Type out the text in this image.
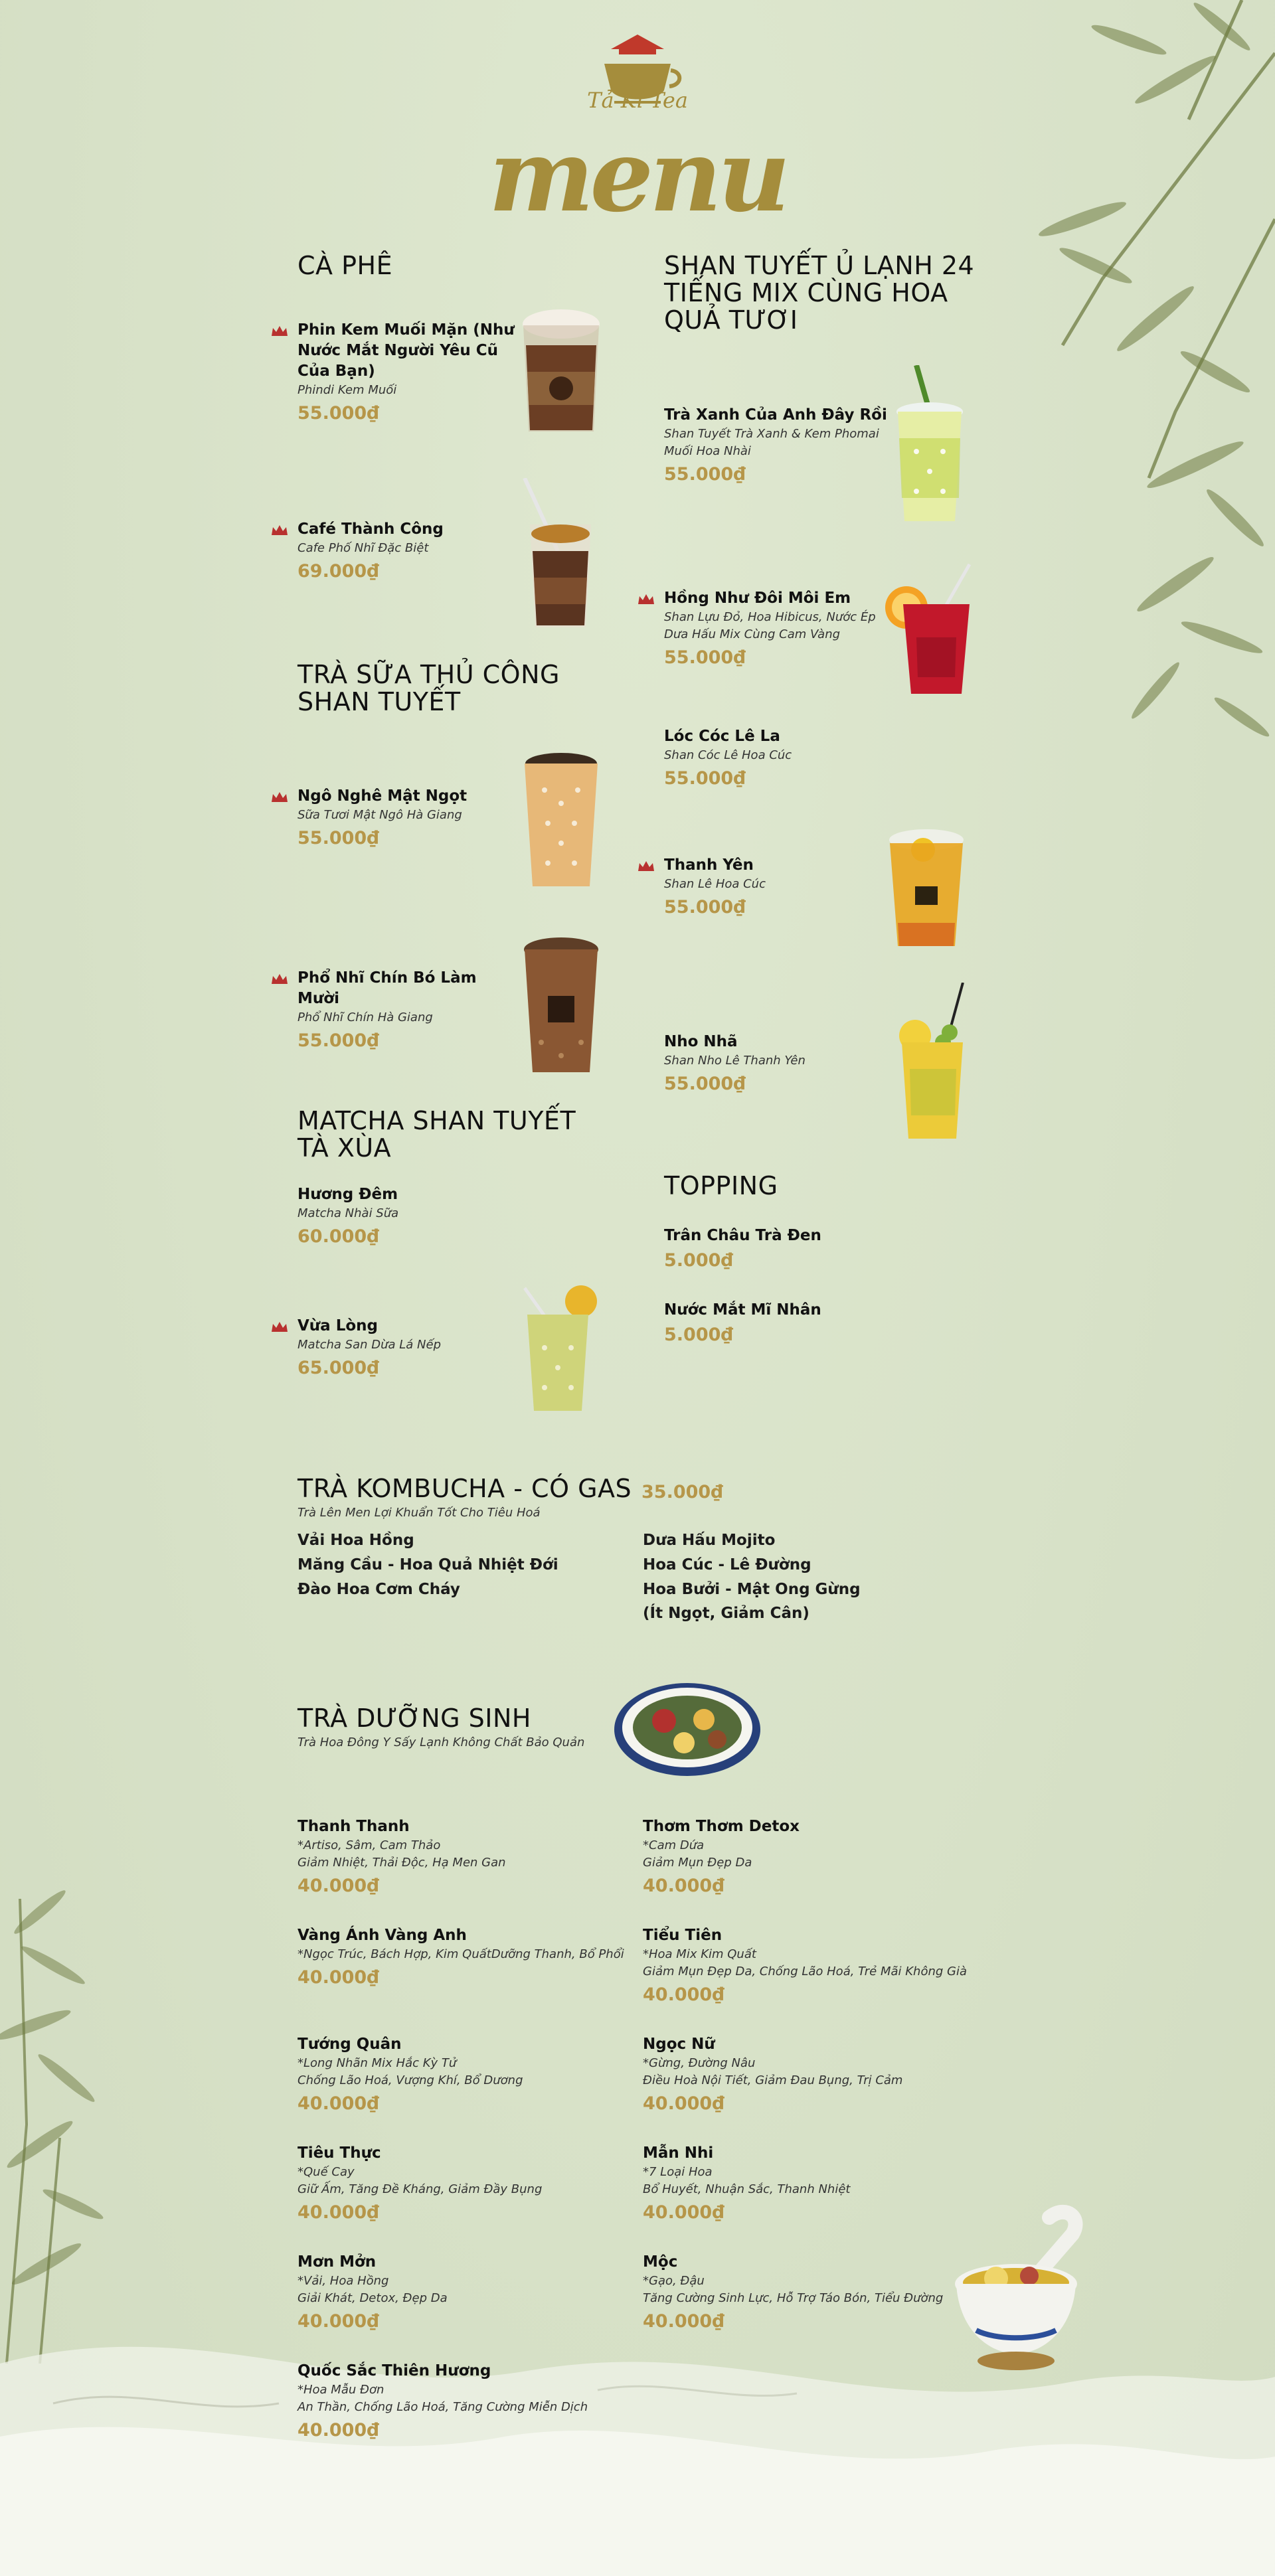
Tả Kỉ Tea
menu
CÀ PHÊ
Phin Kem Muối Mặn (Như Nước Mắt Người Yêu Cũ Của Bạn)
Phindi Kem Muối
55.000₫
Café Thành Công
Cafe Phố Nhĩ Đặc Biệt
69.000₫
TRÀ SỮA THỦ CÔNG SHAN TUYẾT
Ngô Nghê Mật Ngọt
Sữa Tươi Mật Ngô Hà Giang
55.000₫
Phổ Nhĩ Chín Bó Làm Mười
Phổ Nhĩ Chín Hà Giang
55.000₫
MATCHA SHAN TUYẾT TÀ XÙA
Hương Đêm
Matcha Nhài Sữa
60.000₫
Vừa Lòng
Matcha San Dừa Lá Nếp
65.000₫
SHAN TUYẾT Ủ LẠNH 24 TIẾNG MIX CÙNG HOA QUẢ TƯƠI
Trà Xanh Của Anh Đây Rồi
Shan Tuyết Trà Xanh & Kem Phomai Muối Hoa Nhài
55.000₫
Hồng Như Đôi Môi Em
Shan Lựu Đỏ, Hoa Hibicus, Nước Ép Dưa Hấu Mix Cùng Cam Vàng
55.000₫
Lóc Cóc Lê La
Shan Cóc Lê Hoa Cúc
55.000₫
Thanh Yên
Shan Lê Hoa Cúc
55.000₫
Nho Nhã
Shan Nho Lê Thanh Yên
55.000₫
TOPPING
Trân Châu Trà Đen
5.000₫
Nước Mắt Mĩ Nhân
5.000₫
TRÀ KOMBUCHA - CÓ GAS
Trà Lên Men Lợi Khuẩn Tốt Cho Tiêu Hoá
35.000₫
Vải Hoa Hồng
Măng Cầu - Hoa Quả Nhiệt Đới
Đào Hoa Cơm Cháy
Dưa Hấu Mojito
Hoa Cúc - Lê Đường
Hoa Bưởi - Mật Ong Gừng
(Ít Ngọt, Giảm Cân)
TRÀ DƯỠNG SINH
Trà Hoa Đông Y Sấy Lạnh Không Chất Bảo Quản
Thanh Thanh
*Artiso, Sâm, Cam Thảo
Giảm Nhiệt, Thải Độc, Hạ Men Gan
40.000₫
Vàng Ánh Vàng Anh
*Ngọc Trúc, Bách Hợp, Kim QuấtDưỡng Thanh, Bổ Phổi
40.000₫
Tướng Quân
*Long Nhãn Mix Hắc Kỳ Tử
Chống Lão Hoá, Vượng Khí, Bổ Dương
40.000₫
Tiêu Thực
*Quế Cay
Giữ Ấm, Tăng Đề Kháng, Giảm Đầy Bụng
40.000₫
Mơn Mởn
*Vải, Hoa Hồng
Giải Khát, Detox, Đẹp Da
40.000₫
Quốc Sắc Thiên Hương
*Hoa Mẫu Đơn
An Thần, Chống Lão Hoá, Tăng Cường Miễn Dịch
40.000₫
Thơm Thơm Detox
*Cam Dứa
Giảm Mụn Đẹp Da
40.000₫
Tiểu Tiên
*Hoa Mix Kim Quất
Giảm Mụn Đẹp Da, Chống Lão Hoá, Trẻ Mãi Không Già
40.000₫
Ngọc Nữ
*Gừng, Đường Nâu
Điều Hoà Nội Tiết, Giảm Đau Bụng, Trị Cảm
40.000₫
Mẫn Nhi
*7 Loại Hoa
Bổ Huyết, Nhuận Sắc, Thanh Nhiệt
40.000₫
Mộc
*Gạo, Đậu
Tăng Cường Sinh Lực, Hỗ Trợ Táo Bón, Tiểu Đường
40.000₫
